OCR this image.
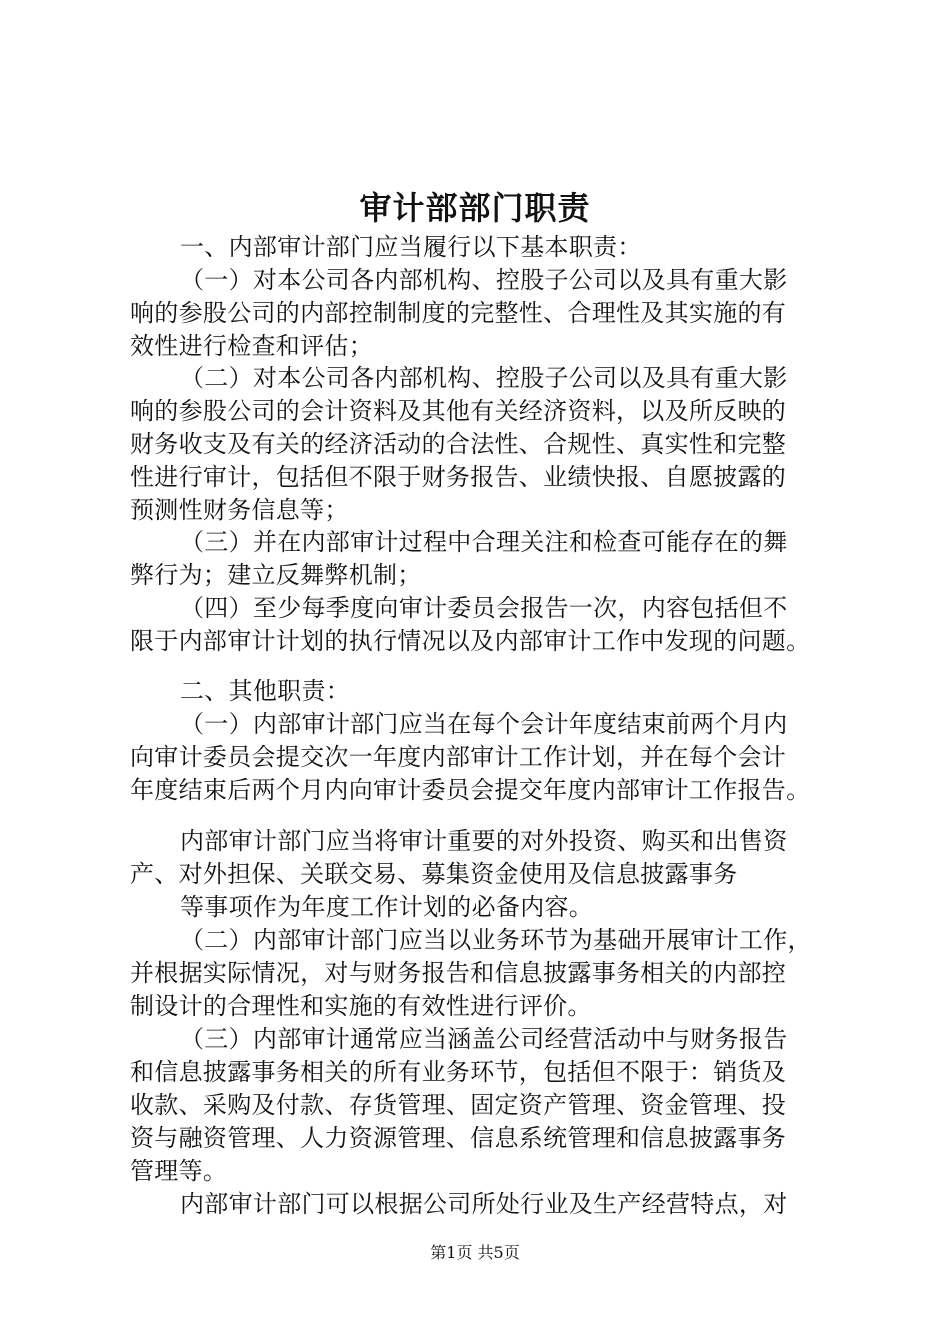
审计部部门职责
一、内部审计部门应当履行以下基本职责：
（一）对本公司各内部机构、控股子公司以及具有重大影
响的参股公司的内部控制制度的完整性、合理性及其实施的有
效性进行检查和评估；
（二）对本公司各内部机构、控股子公司以及具有重大影
响的参股公司的会计资料及其他有关经济资料，以及所反映的
财务收支及有关的经济活动的合法性、合规性、真实性和完整
性进行审计，包括但不限于财务报告、业绩快报、自愿披露的
预测性财务信息等；
（三）并在内部审计过程中合理关注和检查可能存在的舞
弊行为；建立反舞弊机制；
（四）至少每季度向审计委员会报告一次，内容包括但不
限于内部审计计划的执行情况以及内部审计工作中发现的问题。
二、其他职责：
（一）内部审计部门应当在每个会计年度结束前两个月内
向审计委员会提交次一年度内部审计工作计划，并在每个会计
年度结束后两个月内向审计委员会提交年度内部审计工作报告。
内部审计部门应当将审计重要的对外投资、购买和出售资
产、对外担保、关联交易、募集资金使用及信息披露事务
等事项作为年度工作计划的必备内容。
（二）内部审计部门应当以业务环节为基础开展审计工作，
并根据实际情况，对与财务报告和信息披露事务相关的内部控
制设计的合理性和实施的有效性进行评价。
（三）内部审计通常应当涵盖公司经营活动中与财务报告
和信息披露事务相关的所有业务环节，包括但不限于：销货及
收款、采购及付款、存货管理、固定资产管理、资金管理、投
资与融资管理、人力资源管理、信息系统管理和信息披露事务
管理等。
内部审计部门可以根据公司所处行业及生产经营特点，对
第1页 共5页
